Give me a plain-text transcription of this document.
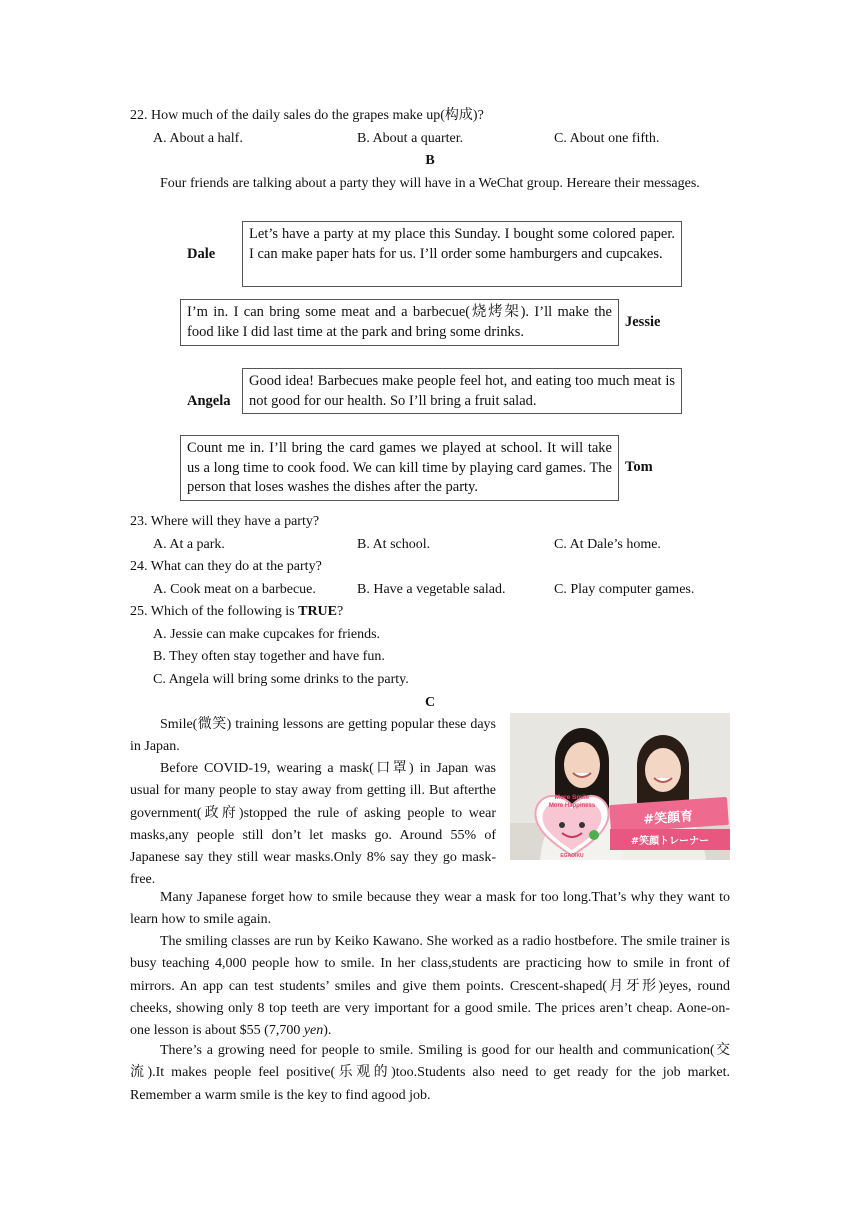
22. How much of the daily sales do the grapes make up(构成)?
A. About a half.	B. About a quarter.	C. About one fifth.
B
Four friends are talking about a party they will have in a WeChat group. Hereare their messages.
Dale
Let’s have a party at my place this Sunday. I bought some colored paper. I can make paper hats for us. I’ll order some hamburgers and cupcakes.
I’m in. I can bring some meat and a barbecue(烧烤架). I’ll make the food like I did last time at the park and bring some drinks.
Jessie
Angela
Good idea! Barbecues make people feel hot, and eating too much meat is not good for our health. So I’ll bring a fruit salad.
Count me in. I’ll bring the card games we played at school. It will take us a long time to cook food. We can kill time by playing card games. The person that loses washes the dishes after the party.
Tom
23. Where will they have a party?
A. At a park.	B. At school.	C. At Dale’s home.
24. What can they do at the party?
A. Cook meat on a barbecue.	B. Have a vegetable salad.	C. Play computer games.
25. Which of the following is TRUE?
A. Jessie can make cupcakes for friends.
B. They often stay together and have fun.
C. Angela will bring some drinks to the party.
C
Smile(微笑) training lessons are getting popular these days in Japan.
Before COVID-19, wearing a mask(口罩) in Japan was usual for many people to stay away from getting ill. But afterthe government(政府)stopped the rule of asking people to wear masks,any people still don’t let masks go. Around 55% of Japanese say they still wear masks.Only 8% say they go mask-free.
Many Japanese forget how to smile because they wear a mask for too long.That’s why they want to learn how to smile again.
The smiling classes are run by Keiko Kawano. She worked as a radio hostbefore. The smile trainer is busy teaching 4,000 people how to smile. In her class,students are practicing how to smile in front of mirrors. An app can test students’ smiles and give them points. Crescent-shaped(月牙形)eyes, round cheeks, showing only 8 top teeth are very important for a good smile. The prices aren’t cheap. Aone-on-one lesson is about $55 (7,700 yen).
There’s a growing need for people to smile. Smiling is good for our health and communication(交流).It makes people feel positive(乐观的)too.Students also need to get ready for the job market. Remember a warm smile is the key to find agood job.
More Smile
More Happiness
EGAOIKU
#笑顔育
#笑顔トレーナー
